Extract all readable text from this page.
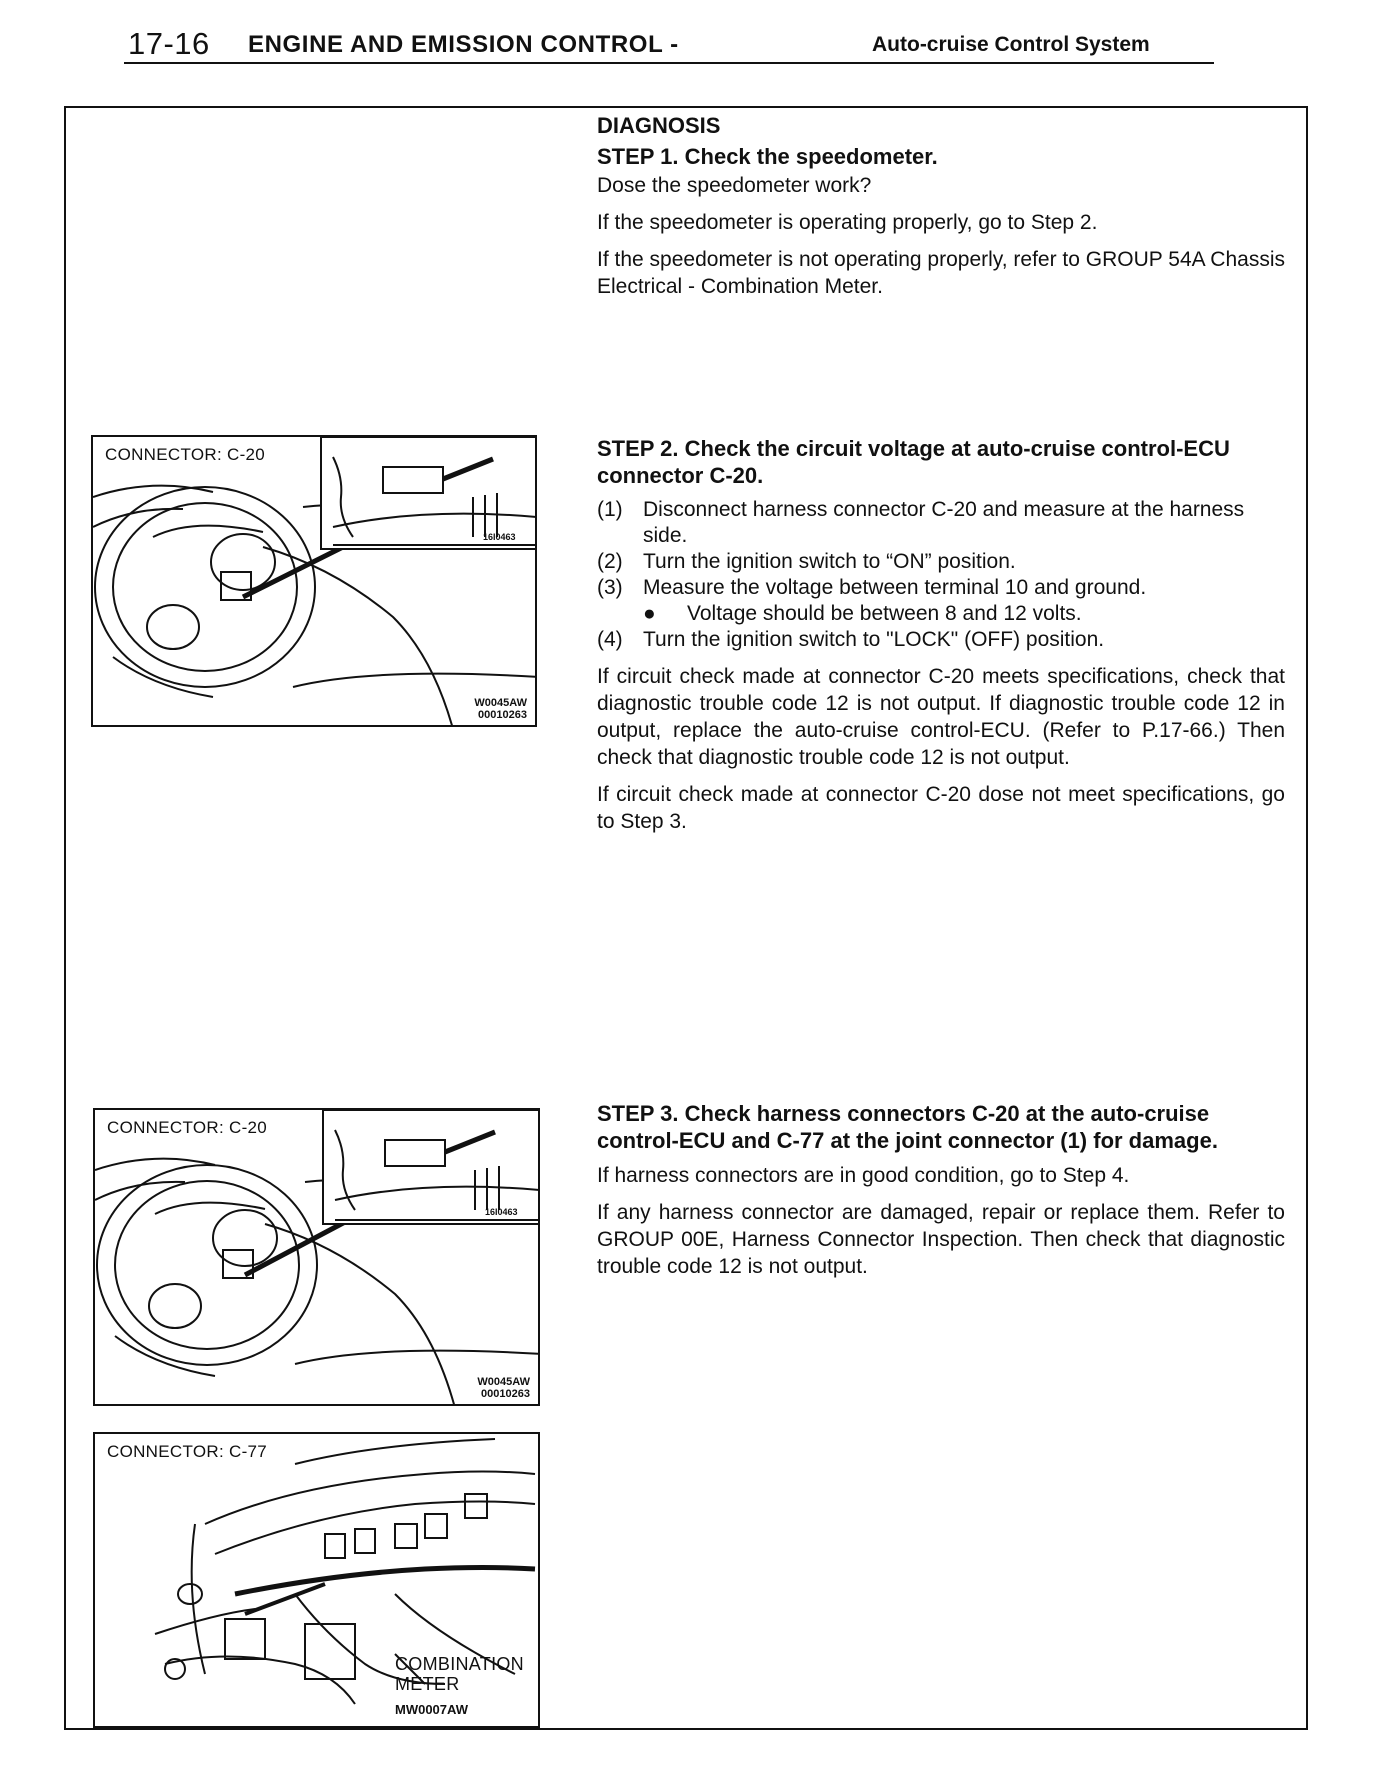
17-16 ENGINE AND EMISSION CONTROL -	Auto-cruise Control System
DIAGNOSIS
STEP 1. Check the speedometer.

Dose the speedometer work?

If the speedometer is operating properly, go to Step 2.

If the speedometer is not operating properly, refer to GROUP 54A Chassis Electrical - Combination Meter.

STEP 2. Check the circuit voltage at auto-cruise control-ECU connector C-20.
(1) Disconnect harness connector C-20 and measure at the harness side.
(2) Turn the ignition switch to “ON” position.
(3) Measure the voltage between terminal 10 and ground.
● Voltage should be between 8 and 12 volts.
(4) Turn the ignition switch to "LOCK" (OFF) position.

If circuit check made at connector C-20 meets specifications, check that diagnostic trouble code 12 is not output. If diagnostic trouble code 12 in output, replace the auto-cruise control-ECU. (Refer to P.17-66.) Then check that diagnostic trouble code 12 is not output.

If circuit check made at connector C-20 dose not meet specifications, go to Step 3.

STEP 3. Check harness connectors C-20 at the auto-cruise control-ECU and C-77 at the joint connector (1) for damage.

If harness connectors are in good condition, go to Step 4.

If any harness connector are damaged, repair or replace them. Refer to GROUP 00E, Harness Connector Inspection. Then check that diagnostic trouble code 12 is not output.

CONNECTOR: C-20
16I0463
W0045AW
00010263
CONNECTOR: C-20
16I0463
W0045AW
00010263
CONNECTOR: C-77
COMBINATION
METER
MW0007AW
